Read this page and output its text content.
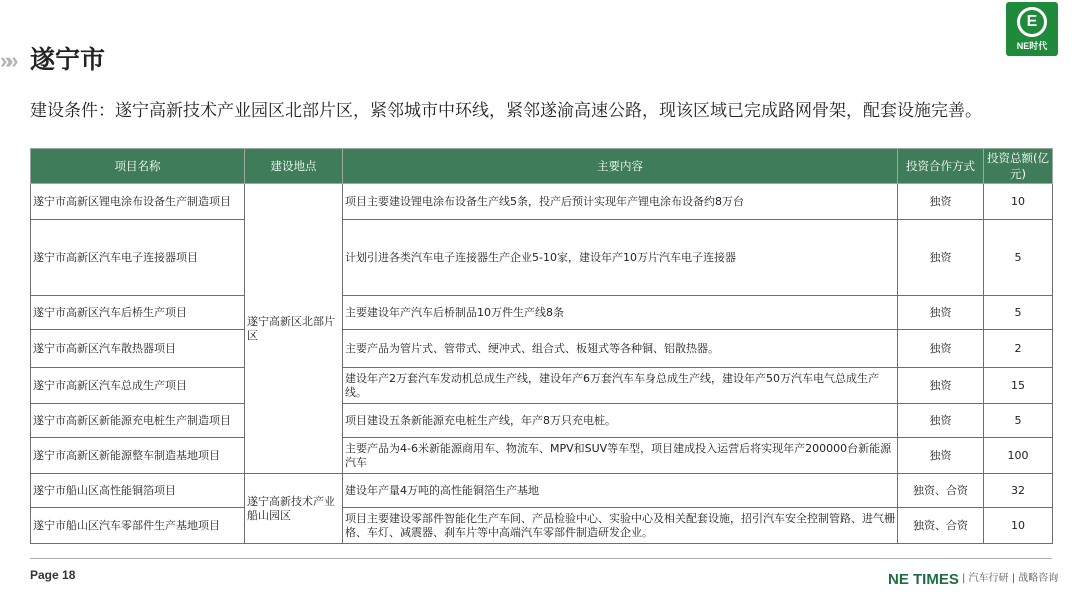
E
NE时代
»» 遂宁市
建设条件：遂宁高新技术产业园区北部片区，紧邻城市中环线，紧邻遂渝高速公路，现该区域已完成路网骨架，配套设施完善。
项目名称	建设地点	主要内容	投资合作方式	投资总额(亿元)
遂宁市高新区锂电涂布设备生产制造项目	遂宁高新区北部片区	项目主要建设锂电涂布设备生产线5条，投产后预计实现年产锂电涂布设备约8万台	独资	10
遂宁市高新区汽车电子连接器项目		计划引进各类汽车电子连接器生产企业5-10家，建设年产10万片汽车电子连接器	独资	5
遂宁市高新区汽车后桥生产项目		主要建设年产汽车后桥制品10万件生产线8条	独资	5
遂宁市高新区汽车散热器项目		主要产品为管片式、管带式、绠冲式、组合式、板翅式等各种铜、铝散热器。	独资	2
遂宁市高新区汽车总成生产项目		建设年产2万套汽车发动机总成生产线，建设年产6万套汽车车身总成生产线，建设年产50万汽车电气总成生产线。	独资	15
遂宁市高新区新能源充电桩生产制造项目		项目建设五条新能源充电桩生产线，年产8万只充电桩。	独资	5
遂宁市高新区新能源整车制造基地项目		主要产品为4-6米新能源商用车、物流车、MPV和SUV等车型，项目建成投入运营后将实现年产200000台新能源汽车	独资	100
遂宁市船山区高性能铜箔项目	遂宁高新技术产业船山园区	建设年产量4万吨的高性能铜箔生产基地	独资、合资	32
遂宁市船山区汽车零部件生产基地项目		项目主要建设零部件智能化生产车间、产品检验中心、实验中心及相关配套设施，招引汽车安全控制管路、进气栅格、车灯、减震器、刹车片等中高端汽车零部件制造研发企业。	独资、合资	10
Page 18	NE TIMES | 汽车行研 | 战略咨询
